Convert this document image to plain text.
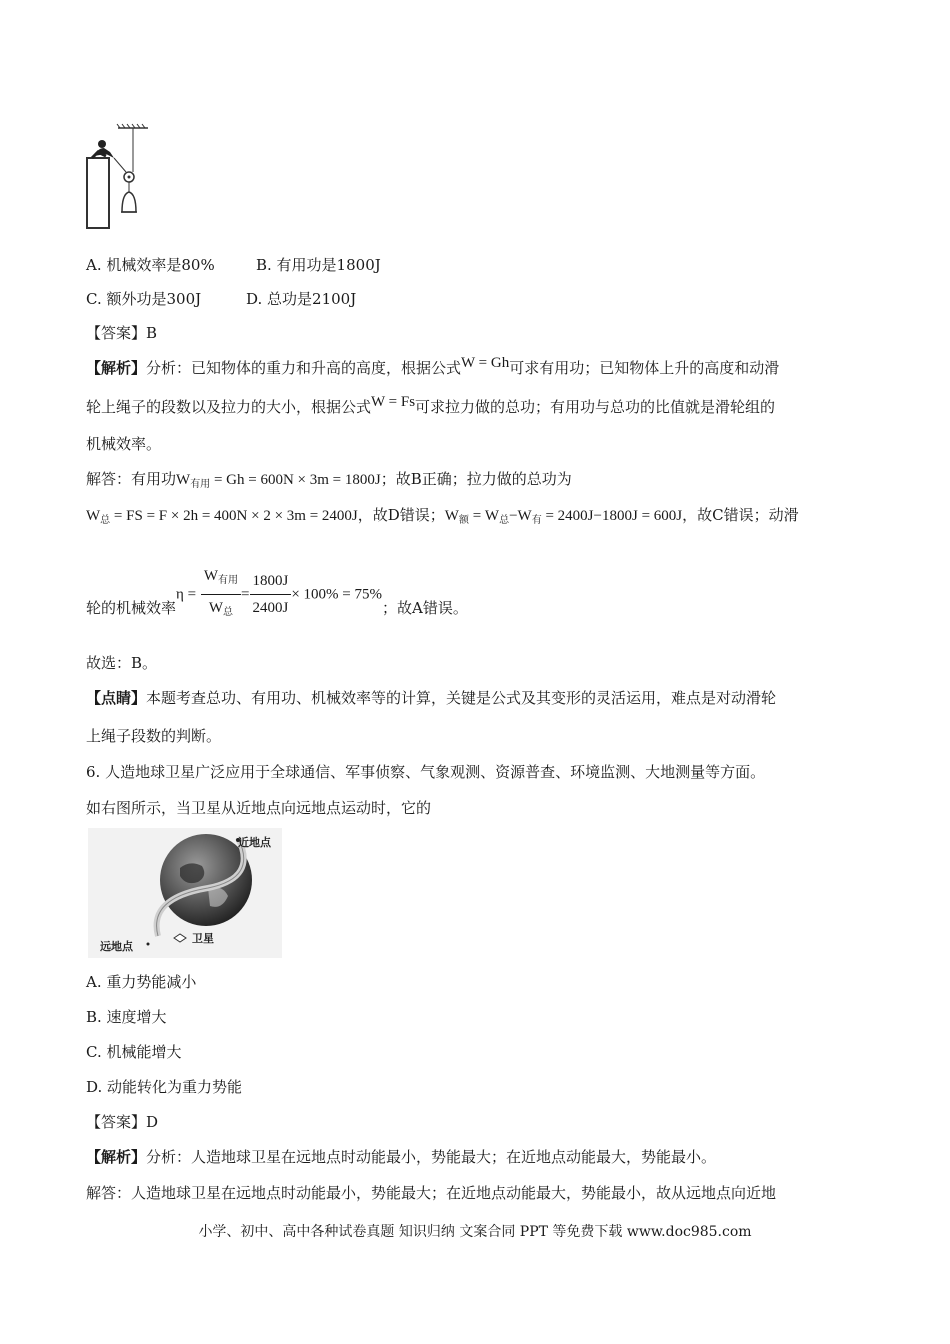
A. 机械效率是80%	B. 有用功是1800J
C. 额外功是300J	D. 总功是2100J
【答案】B
【解析】分析：已知物体的重力和升高的高度，根据公式W = Gh可求有用功；已知物体上升的高度和动滑
轮上绳子的段数以及拉力的大小，根据公式W = Fs可求拉力做的总功；有用功与总功的比值就是滑轮组的
机械效率。
解答：有用功$W_{有用} = Gh = 600N \times 3m = 1800J$；故B正确；拉力做的总功为
$W_总$ = FS = F × 2h = 400N × 2 × 3m = 2400J，故D错误；$W_额 = W_总-W_有 = 2400J-1800J = 600J$，故C错误；动滑
轮的机械效率$\eta = \frac{W_{有用}}{W_总} = \frac{1800J}{2400J} \times 100\% = 75\%$；故A错误。
故选：B。
【点睛】本题考查总功、有用功、机械效率等的计算，关键是公式及其变形的灵活运用，难点是对动滑轮
上绳子段数的判断。
6. 人造地球卫星广泛应用于全球通信、军事侦察、气象观测、资源普查、环境监测、大地测量等方面。
如右图所示，当卫星从近地点向远地点运动时，它的
近地点
远地点
卫星
A. 重力势能减小
B. 速度增大
C. 机械能增大
D. 动能转化为重力势能
【答案】D
【解析】分析：人造地球卫星在远地点时动能最小，势能最大；在近地点动能最大，势能最小。
解答：人造地球卫星在远地点时动能最小，势能最大；在近地点动能最大，势能最小，故从远地点向近地
小学、初中、高中各种试卷真题 知识归纳 文案合同 PPT 等免费下载 www.doc985.com
